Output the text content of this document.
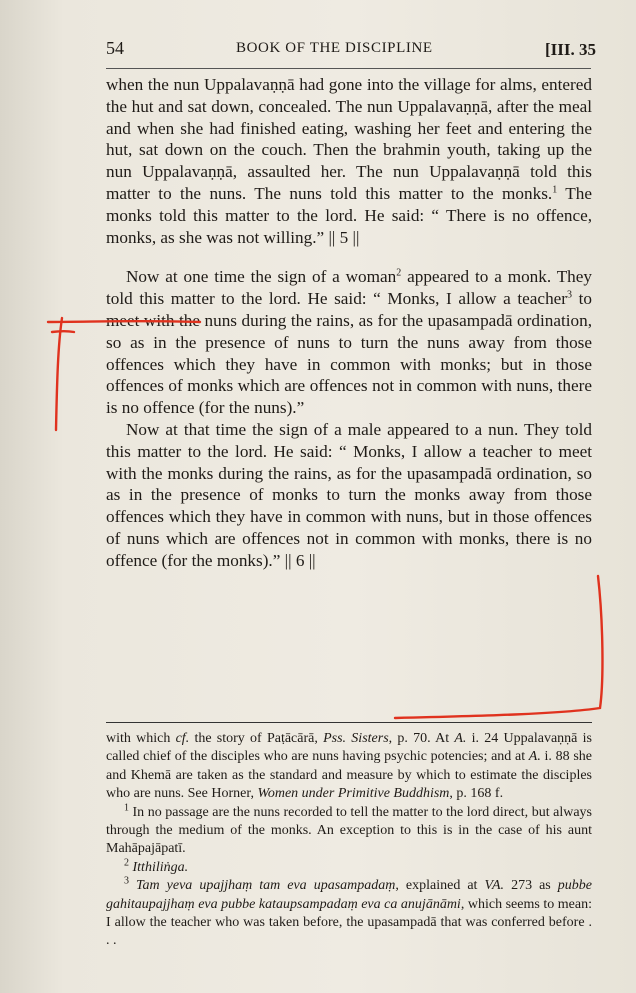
54	BOOK OF THE DISCIPLINE	[III. 35

when the nun Uppalavaṇṇā had gone into the village for alms, entered the hut and sat down, concealed. The nun Uppalavaṇṇā, after the meal and when she had finished eating, washing her feet and entering the hut, sat down on the couch. Then the brahmin youth, taking up the nun Uppalavaṇṇā, assaulted her. The nun Uppalavaṇṇā told this matter to the nuns. The nuns told this matter to the monks.$^1$ The monks told this matter to the lord. He said: “ There is no offence, monks, as she was not willing.” || 5 ||

Now at one time the sign of a woman$^2$ appeared to a monk. They told this matter to the lord. He said: “ Monks, I allow a teacher$^3$ to meet with the nuns during the rains, as for the upasampadā ordination, so as in the presence of nuns to turn the nuns away from those offences which they have in common with monks; but in those offences of monks which are offences not in common with nuns, there is no offence (for the nuns).”

Now at that time the sign of a male appeared to a nun. They told this matter to the lord. He said: “ Monks, I allow a teacher to meet with the monks during the rains, as for the upasampadā ordination, so as in the presence of monks to turn the monks away from those offences which they have in common with nuns, but in those offences of nuns which are offences not in common with monks, there is no offence (for the monks).” || 6 ||

with which cf. the story of Paṭācārā, Pss. Sisters, p. 70. At A. i. 24 Uppalavaṇṇā is called chief of the disciples who are nuns having psychic potencies; and at A. i. 88 she and Khemā are taken as the standard and measure by which to estimate the disciples who are nuns. See Horner, Women under Primitive Buddhism, p. 168 f.

$^1$ In no passage are the nuns recorded to tell the matter to the lord direct, but always through the medium of the monks. An exception to this is in the case of his aunt Mahāpajāpatī.

$^2$ Itthiliṅga.

$^3$ Tam yeva upajjhaṃ tam eva upasampadaṃ, explained at VA. 273 as pubbe gahitaupajjhaṃ eva pubbe kataupsampadaṃ eva ca anujānāmi, which seems to mean: I allow the teacher who was taken before, the upasampadā that was conferred before . . .
